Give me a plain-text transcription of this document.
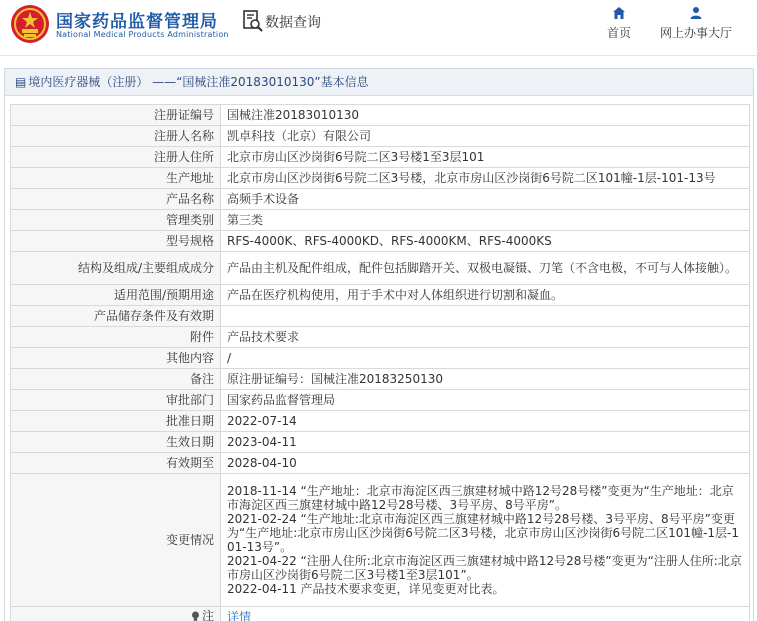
国家药品监督管理局
National Medical Products Administration
数据查询
首页	网上办事大厅
▤ 境内医疗器械（注册） ——“国械注准20183010130”基本信息
注册证编号	国械注准20183010130
注册人名称	凯卓科技（北京）有限公司
注册人住所	北京市房山区沙岗街6号院二区3号楼1至3层101
生产地址	北京市房山区沙岗街6号院二区3号楼，北京市房山区沙岗街6号院二区101幢-1层-101-13号
产品名称	高频手术设备
管理类别	第三类
型号规格	RFS-4000K、RFS-4000KD、RFS-4000KM、RFS-4000KS
结构及组成/主要组成成分	产品由主机及配件组成，配件包括脚踏开关、双极电凝镊、刀笔（不含电极，不可与人体接触）。
适用范围/预期用途	产品在医疗机构使用，用于手术中对人体组织进行切割和凝血。
产品储存条件及有效期	
附件	产品技术要求
其他内容	/
备注	原注册证编号：国械注准20183250130
审批部门	国家药品监督管理局
批准日期	2022-07-14
生效日期	2023-04-11
有效期至	2028-04-10
变更情况	2018-11-14 “生产地址：北京市海淀区西三旗建材城中路12号28号楼”变更为“生产地址：北京市海淀区西三旗建材城中路12号28号楼、3号平房、8号平房”。
2021-02-24 “生产地址:北京市海淀区西三旗建材城中路12号28号楼、3号平房、8号平房”变更为“生产地址:北京市房山区沙岗街6号院二区3号楼，北京市房山区沙岗街6号院二区101幢-1层-101-13号”。
2021-04-22 “注册人住所:北京市海淀区西三旗建材城中路12号28号楼”变更为“注册人住所:北京市房山区沙岗街6号院二区3号楼1至3层101”。
2022-04-11 产品技术要求变更，详见变更对比表。

注	详情
